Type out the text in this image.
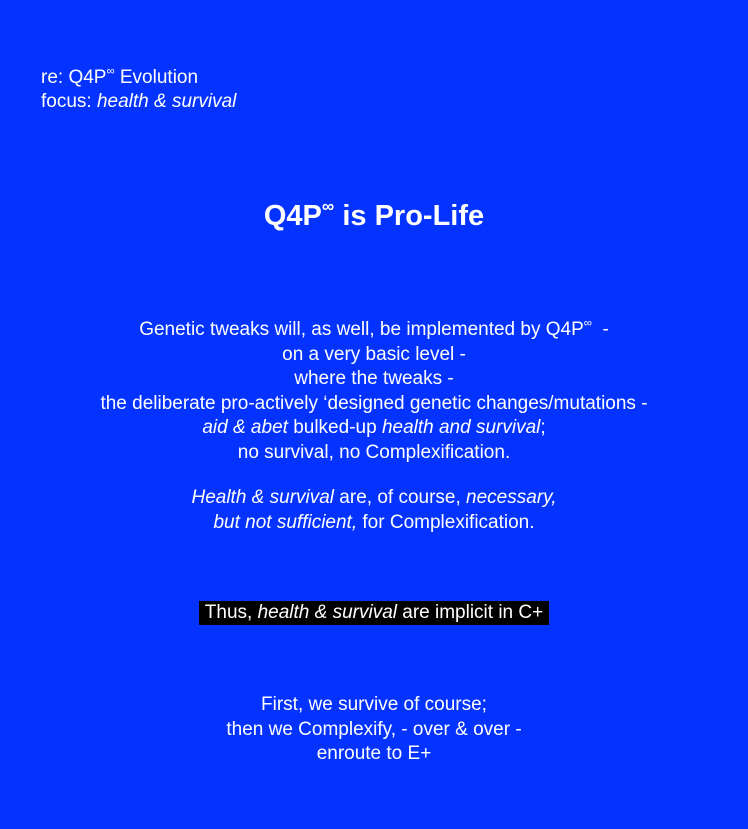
re: Q4P∞ Evolution
focus: health & survival
Q4P∞ is Pro-Life
Genetic tweaks will, as well, be implemented by Q4P∞  -
on a very basic level -
where the tweaks -
the deliberate pro-actively ‘designed genetic changes/mutations -
aid & abet bulked-up health and survival;
no survival, no Complexification.
Health & survival are, of course, necessary,
but not sufficient, for Complexification.
Thus, health & survival are implicit in C+
First, we survive of course;
then we Complexify, - over & over -
enroute to E+
